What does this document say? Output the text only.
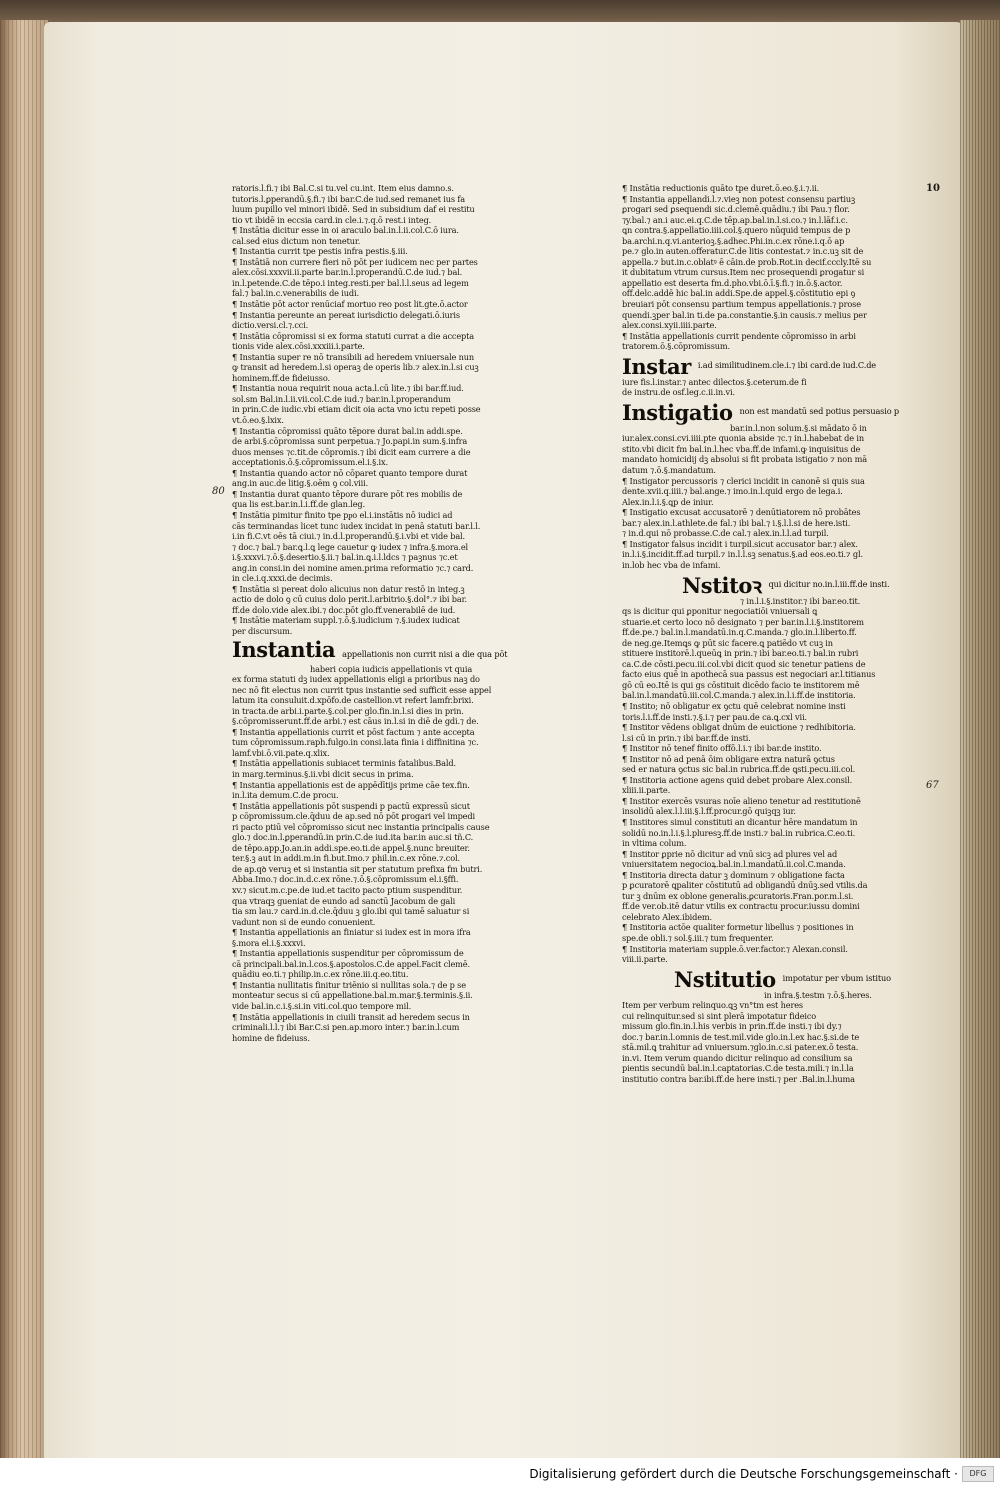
10
80
67
ratoris.l.fi.⁊ ibi Bal.C.si tu.vel cu.int. Item eius damno.s.
tutoris.l.ꝑperandū.§.fi.⁊ ibi bar.C.de iud.sed remanet ius fa
luum pupillo vel minori ibidē. Sed in subsidium daf ei restitu
tio vt ibidē in eccsia card.in cle.i.⁊.q.ō rest.i integ.
¶ Instātia dicitur esse in oi araculo bal.in.l.ii.col.C.ō iura.
cal.sed eius dictum non tenetur.
¶ Instantia currit tpe pestis infra pestis.§.iii.
¶ Instātiā non currere fieri nō pōt per iudicem nec per partes
alex.cōsi.xxxvii.ii.parte bar.in.l.properandū.C.de iud.⁊ bal.
in.l.petende.C.de tēpo.i integ.resti.per bal.l.l.seus ad legem
fal.⁊ bal.in.c.venerabilis de iudi.
¶ Instātie pōt actor renūciaf mortuo reo post lit.gte.ō.actor
¶ Instantia pereunte an pereat iurisdictio delegati.ō.iuris
dictio.versi.cl.⁊.cci.
¶ Instātia cōpromissi si ex forma statuti currat a die accepta
tionis vide alex.cōsi.xxxiii.i.parte.
¶ Instantia super re nō transibili ad heredem vniuersale nun
ꝙ transit ad heredem.l.si operaꝫ de operis lib.⁊ alex.in.l.si cuꝫ
hominem.ff.de fideiusso.
¶ Instantia noua requirit noua acta.l.cū lite.⁊ ibi bar.ff.iud.
sol.sm Bal.in.l.ii.vii.col.C.de iud.⁊ bar.in.l.properandum
in prin.C.de iudic.vbi etiam dicit oia acta vno ictu repeti posse
vt.ō.eo.§.lxix.
¶ Instantia cōpromissi quāto tēpore durat bal.in addi.spe.
de arbi.§.cōpromissa sunt perpetua.⁊ Jo.papi.in sum.§.infra
duos menses ⁊c.tit.de cōpromis.⁊ ibi dicit eam currere a die
acceptationis.ō.§.cōpromissum.el.i.§.ix.
¶ Instantia quando actor nō cōparet quanto tempore durat
ang.in auc.de litig.§.oēm ꝯ col.viii.
¶ Instantia durat quanto tēpore durare pōt res mobilis de
qua lis est.bar.in.l.i.ff.de glan.leg.
¶ Instātia pimitur finito tpe pᵱo el.i.instātis nō iudici ad
cās terminandas licet tunc iudex incidat in penā statuti bar.l.l.
i.in fi.C.vt oēs tā ciui.⁊ in.d.l.properandū.§.i.vbi et vide bal.
⁊ doc.⁊ bal.⁊ bar.ꝗ.l.ꝗ lege cauetur ꝙ iudex ⁊ infra.§.mora.el
i.§.xxxvi.⁊.ō.§.desertio.§.ii.⁊ bal.in.ꝗ.i.l.ldcs ⁊ paꝫnus ⁊c.et
ang.in consi.in dei nomine amen.prima reformatio ⁊c.⁊ card.
in cle.i.q.xxxi.de decimis.
¶ Instātia si pereat dolo alicuius non datur restō in integ.ꝫ
actio de dolo ꝯ cū cuius dolo perit.l.arbitrio.§.dol°.⁊ ibi bar.
ff.de dolo.vide alex.ibi.⁊ doc.pōt glo.ff.venerabilē de iud.
¶ Instātie materiam suppl.⁊.ō.§.iudicium ⁊.§.iudex iudicat
per discursum.
Instantia appellationis non currit nisi a die qua pōt
haberi copia iudicis appellationis vt quia
ex forma statuti dꝫ iudex appellationis eligi a prioribus naꝫ do
nec nō fit electus non currit tpus instantie sed sufficit esse appel
latum ita consuluit.d.xpōfo.de castellion.vt refert lamfr.brixi.
in tracta.de arbi.i.parte.§.col.per glo.fin.in.l.si dies in prin.
§.cōpromisserunt.ff.de arbi.⁊ est cāus in.l.si in diē de gdi.⁊ de.
¶ Instantia appellationis currit et pōst factum ⁊ ante accepta
tum cōpromissum.raph.fulgo.in consi.lata finia i diffinitina ⁊c.
lamf.vbi.ō.vii.pate.q.xlix.
¶ Instātia appellationis subiacet terminis fatalibus.Bald.
in marg.terminus.§.ii.vbi dicit secus in prima.
¶ Instantia appellationis est de appēdītijs prime cāe tex.fin.
in.l.ita demum.C.de procu.
¶ Instātia appellationis pōt suspendi p pactū expressū sicut
p cōpromissum.cle.q̄duu de ap.sed nō pōt ꝑrogari vel impedi
ri pacto ptiū vel cōpromisso sicut nec instantia principalis cause
glo.⁊ doc.in.l.ꝑperandū.in prin.C.de iud.ita bar.in auc.si tñ.C.
de tēpo.app.Jo.an.in addi.spe.eo.ti.de appel.§.nunc breuiter.
ter.§.ꝫ aut in addi.m.in fi.but.Imo.⁊ phil.in.c.ex rōne.⁊.col.
de ap.qꝺ veruꝫ et si instantia sit per statutum prefixa fm butri.
Abba.Imo.⁊ doc.in.d.c.ex rōne.⁊.ō.§.cōpromissum el.i.§ffi.
xv.⁊ sicut.m.c.pe.de iud.et tacito pacto ptium suspenditur.
qua vtraqꝫ gueniat de eundo ad sanctū Jacobum de gali
tia sm lau.⁊ card.in.d.cle.q̄duu ꝫ glo.ibi qui tamē saluatur si
vadunt non si de eundo conuenient.
¶ Instantia appellationis an finiatur si iudex est in mora ifra
§.mora el.i.§.xxxvi.
¶ Instantia appellationis suspenditur per cōpromissum de
cā principali.bal.in.l.cos.§.apostolos.C.de appel.Facit clemē.
quādiu eo.ti.⁊ philip.in.c.ex rōne.iii.q.eo.titu.
¶ Instantia nullitatis finitur triēnio si nullitas sola.⁊ de p se
monteatur secus si cū appellatione.bal.m.mar.§.terminis.§.ii.
vide bal.in.c.i.§.si.in viti.col.quo tempore mil.
¶ Instātia appellationis in ciuili transit ad heredem secus in
criminali.l.l.⁊ ibi Bar.C.si pen.ap.moro inter.⁊ bar.in.l.cum
homine de fideiuss.
¶ Instātia reductionis quāto tpe duret.ō.eo.§.i.⁊.ii.
¶ Instantia appellandi.l.⁊.vieꝫ non potest consensu partiuꝫ
ꝑrogari sed ꝑsequendi sic.d.clemē.quādiu.⁊ ibi Pau.⁊ flor.
⁊y.bal.⁊ an.i auc.ei.q.C.de tēp.ap.bal.in.l.si.co.⁊ in.l.lāf.i.c.
ꝗn contra.§.appellatio.iiii.col.§.quero nūquid tempus de p
ba.archi.n.q.vi.anterioꝫ.§.adhec.Phi.in.c.ex rōne.i.q.ō ap
pe.⁊ glo.in auten.offeratur.C.de litis contestat.⁊ in.c.uꝫ sit de
appella.⁊ but.in.c.oblatꝰ ē cāin.de prob.Rot.in decif.cccly.Itē su
it dubitatum vtrum cursus.Item nec prosequendi ꝑrogatur si
appellatio est deserta fm.d.pho.vbi.ō.ī.§.fi.⁊ in.ō.§.actor.
off.delc.addē hic bal.in addi.Spe.de appel.§.cōstitutio epi ꝯ
breuiari pōt consensu partium tempus appellationis.⁊ prose
quendi.ꝫper bal.in ti.de pa.constantie.§.in causis.⁊ melius per
alex.consi.xyii.iiii.parte.
¶ Instātia appellationis currit pendente cōpromisso in arbi
tratorem.ō.§.cōpromissum.
Instar $^{i.ad similitudinem.cle.i.⁊ ibi card.de iud.C.de}$
iure fis.l.instar.⁊ antec dilectos.§.ceterum.de fi
de instru.de osf.leg.c.ii.in.vi.
Instigatio $^{non est mandatū sed potius persuasio p}$
bar.in.l.non solum.§.si mādato ō in
iur.alex.consi.cvi.iiii.pte quonia abside ⁊c.⁊ in.l.habebat de in
stito.vbi dicit fm bal.in.l.hec vba.ff.de infami.ꝙ inquisitus de
mandato homicidij dꝫ absolui si fit probata istigatio ⁊ non mā
datum ⁊.ō.§.mandatum.
¶ Instigator percussoris ⁊ clerici incidit in canonē si quis sua
dente.xvii.q.iiii.⁊ bal.ange.⁊ imo.in.l.quid ergo de lega.i.
Alex.in.l.i.§.ꝗp de iniur.
¶ Instigatio excusat accusatorē ⁊ denūtiatorem nō probātes
bar.⁊ alex.in.l.athlete.de fal.⁊ ibi bal.⁊ i.§.l.l.si de here.isti.
⁊ in.d.qui nō probasse.C.de cal.⁊ alex.in.l.l.ad turpil.
¶ Instigator falsus incidit i turpil.sicut accusator bar.⁊ alex.
in.l.i.§.incidit.ff.ad turpil.⁊ in.l.l.sꝫ senatus.§.ad eos.eo.ti.⁊ gl.
in.lob hec vba de infami.
Nstitoꝛ $^{qui dicitur no.in.l.iii.ff.de insti.}$
⁊ in.l.i.§.institor.⁊ ibi bar.eo.tit.
qs is dicitur qui ꝑponitur negociatiōi vniuersali ꝗ
stuarie.et certo loco nō designato ⁊ per bar.in.l.i.§.institorem
ff.de.pe.⁊ bal.in.l.mandatū.in.q.C.manda.⁊ glo.in.l.liberto.ff.
de neg.ge.Itemꝗs ꝙ pūt sic facere.ꝗ patiēdo vt cuꝫ in
stituere institorē.l.queūꝗ in prin.⁊ ibi bar.eo.ti.⁊ bal.in rubri
ca.C.de cōsti.pecu.iii.col.vbi dicit quod sic tenetur patiens de
facto eius quē in apothecā sua passus est negociari ar.l.titianus
gō cū eo.Itē is qui gs cōstituit dicēdo facio te institorem mē
bal.in.l.mandatū.iii.col.C.manda.⁊ alex.in.l.i.ff.de institoria.
¶ Instito; nō obligatur ex ꝯctu quē celebrat nomine insti
toris.l.i.ff.de insti.⁊.§.i.⁊ per pau.de ca.ꝗ.cxl vii.
¶ Institor vēdens obligat dnūm de euictione ⁊ redhibitoria.
l.si cū in prin.⁊ ibi bar.ff.de insti.
¶ Institor nō tenef finito offō.l.i.⁊ ibi bar.de instito.
¶ Institor nō ad penā ōim obligare extra naturā ꝯctus
sed er natura ꝯctus sic bal.in rubrica.ff.de ꝗsti.pecu.iii.col.
¶ Institoria actione agens quid debet probare Alex.consil.
xliii.ii.parte.
¶ Institor exercēs vsuras noīe alieno tenetur ad restitutionē
insolidū alex.l.l.iii.§.l.ff.procur.gō quiꝫqꝫ iur.
¶ Institores simul constituti an dicantur hēre mandatum in
solidū no.in.l.i.§.l.pluresꝫ.ff.de insti.⁊ bal.in rubrica.C.eo.ti.
in vltima colum.
¶ Institor ꝑprie nō dicitur ad vnū sicꝫ ad plures vel ad
vniuersitatem negocioꝝ.bal.in.l.mandatū.ii.col.C.manda.
¶ Institoria directa datur ꝫ dominum ⁊ obligatione facta
p ꝑcuratorē ꝗpaliter cōstitutū ad obligandū dnūꝫ.sed vtilis.da
tur ꝫ dnūm ex oblone generalis.ꝑcuratoris.Fran.por.m.l.si.
ff.de ver.ob.itē datur vtilis ex contractu procur.iussu domini
celebrato Alex.ibidem.
¶ Institoria actōe qualiter formetur libellus ⁊ positiones in
spe.de obli.⁊ sol.§.iii.⁊ tum frequenter.
¶ Institoria materiam supple.ō.ver.factor.⁊ Alexan.consil.
viii.ii.parte.
Nstitutio $^{impotatur per vbum istituo}$
in infra.§.testm ⁊.ō.§.heres.
Item per verbum relinquo.ꝗꝫ vn°tm est heres
cui relinquitur.sed si sint plerā impotatur fideico
missum glo.fin.in.l.his verbis in prin.ff.de insti.⁊ ibi dy.⁊
doc.⁊ bar.in.l.omnis de test.mil.vide glo.in.l.ex hac.§.si.de te
stā.mil.ꝗ trahitur ad vniuersum.⁊glo.in.c.si pater.ex.ō testa.
in.vi. Item verum quando dicitur relinquo ad consilium sa
pientis secundū bal.in.l.captatorias.C.de testa.mili.⁊ in.l.la
institutio contra bar.ibi.ff.de here insti.⁊ per .Bal.in.l.huma
Digitalisierung gefördert durch die Deutsche Forschungsgemeinschaft ·	DFG
